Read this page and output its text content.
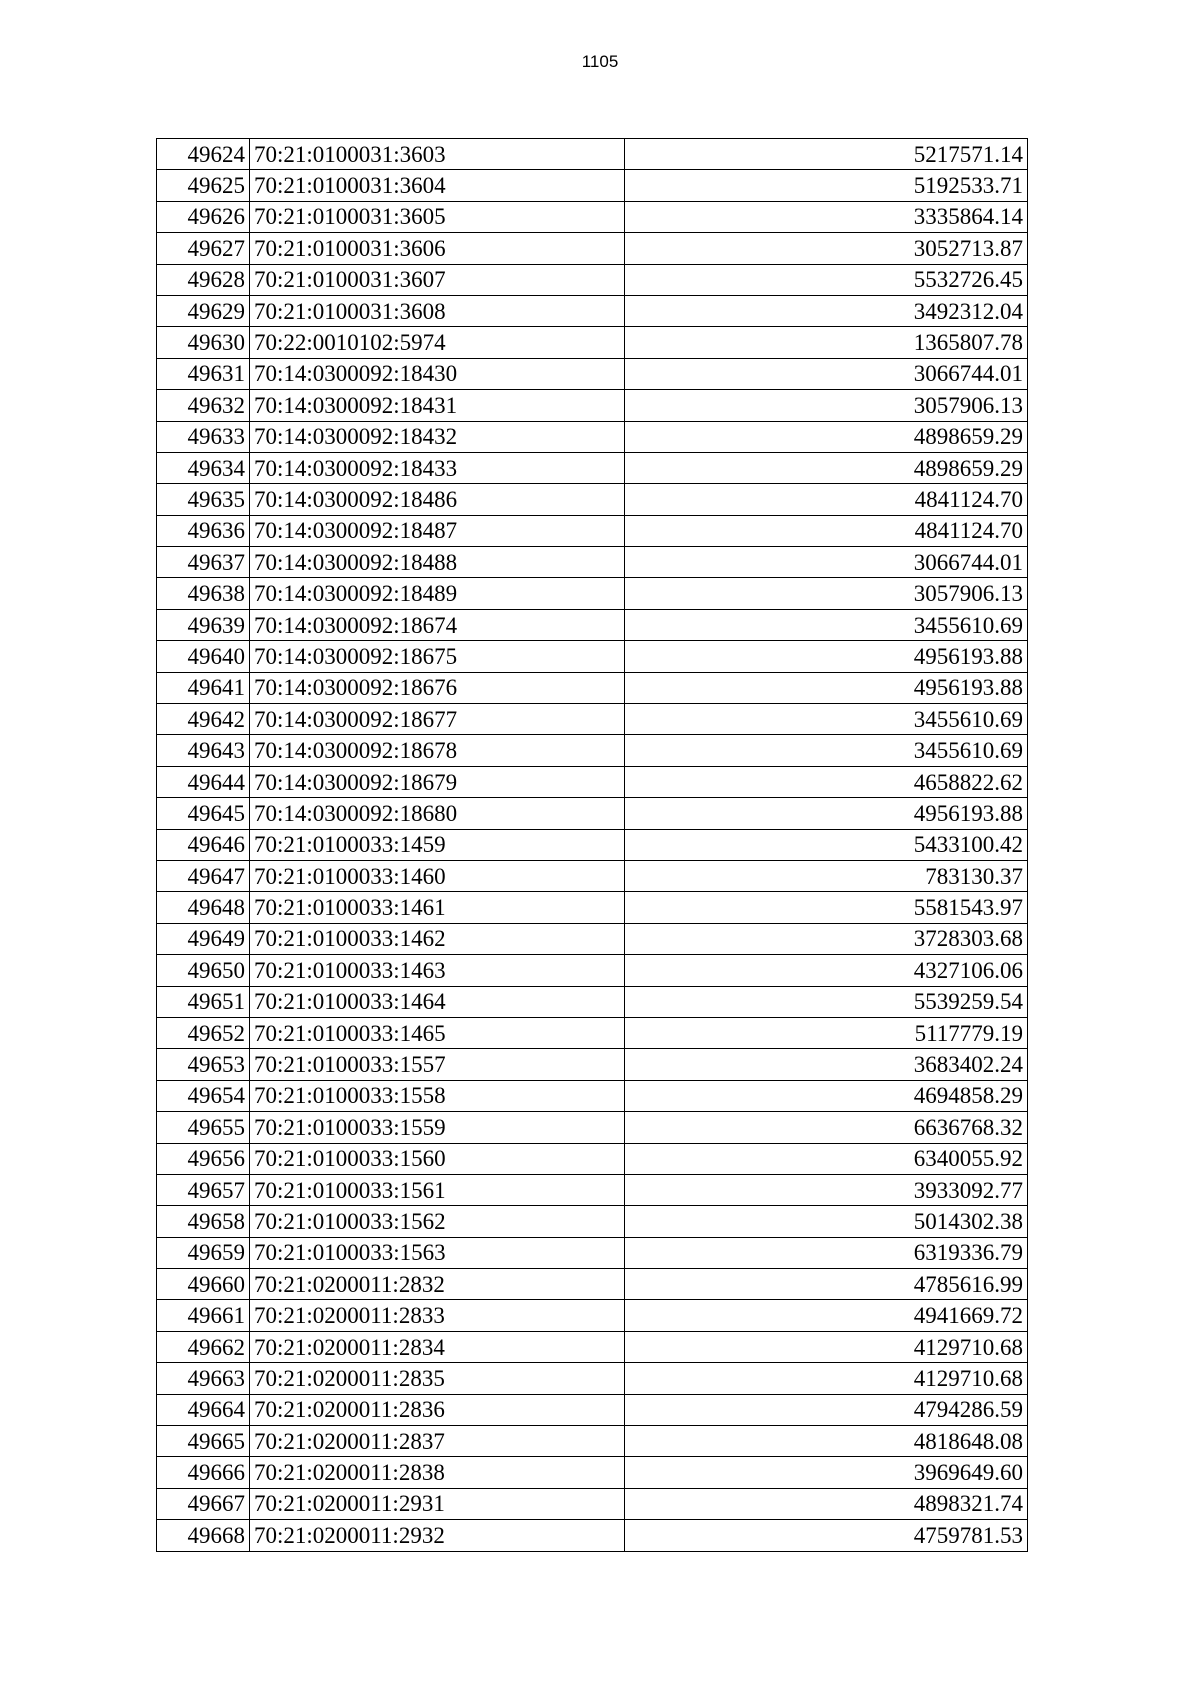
1105
49624	70:21:0100031:3603	5217571.14
49625	70:21:0100031:3604	5192533.71
49626	70:21:0100031:3605	3335864.14
49627	70:21:0100031:3606	3052713.87
49628	70:21:0100031:3607	5532726.45
49629	70:21:0100031:3608	3492312.04
49630	70:22:0010102:5974	1365807.78
49631	70:14:0300092:18430	3066744.01
49632	70:14:0300092:18431	3057906.13
49633	70:14:0300092:18432	4898659.29
49634	70:14:0300092:18433	4898659.29
49635	70:14:0300092:18486	4841124.70
49636	70:14:0300092:18487	4841124.70
49637	70:14:0300092:18488	3066744.01
49638	70:14:0300092:18489	3057906.13
49639	70:14:0300092:18674	3455610.69
49640	70:14:0300092:18675	4956193.88
49641	70:14:0300092:18676	4956193.88
49642	70:14:0300092:18677	3455610.69
49643	70:14:0300092:18678	3455610.69
49644	70:14:0300092:18679	4658822.62
49645	70:14:0300092:18680	4956193.88
49646	70:21:0100033:1459	5433100.42
49647	70:21:0100033:1460	783130.37
49648	70:21:0100033:1461	5581543.97
49649	70:21:0100033:1462	3728303.68
49650	70:21:0100033:1463	4327106.06
49651	70:21:0100033:1464	5539259.54
49652	70:21:0100033:1465	5117779.19
49653	70:21:0100033:1557	3683402.24
49654	70:21:0100033:1558	4694858.29
49655	70:21:0100033:1559	6636768.32
49656	70:21:0100033:1560	6340055.92
49657	70:21:0100033:1561	3933092.77
49658	70:21:0100033:1562	5014302.38
49659	70:21:0100033:1563	6319336.79
49660	70:21:0200011:2832	4785616.99
49661	70:21:0200011:2833	4941669.72
49662	70:21:0200011:2834	4129710.68
49663	70:21:0200011:2835	4129710.68
49664	70:21:0200011:2836	4794286.59
49665	70:21:0200011:2837	4818648.08
49666	70:21:0200011:2838	3969649.60
49667	70:21:0200011:2931	4898321.74
49668	70:21:0200011:2932	4759781.53
